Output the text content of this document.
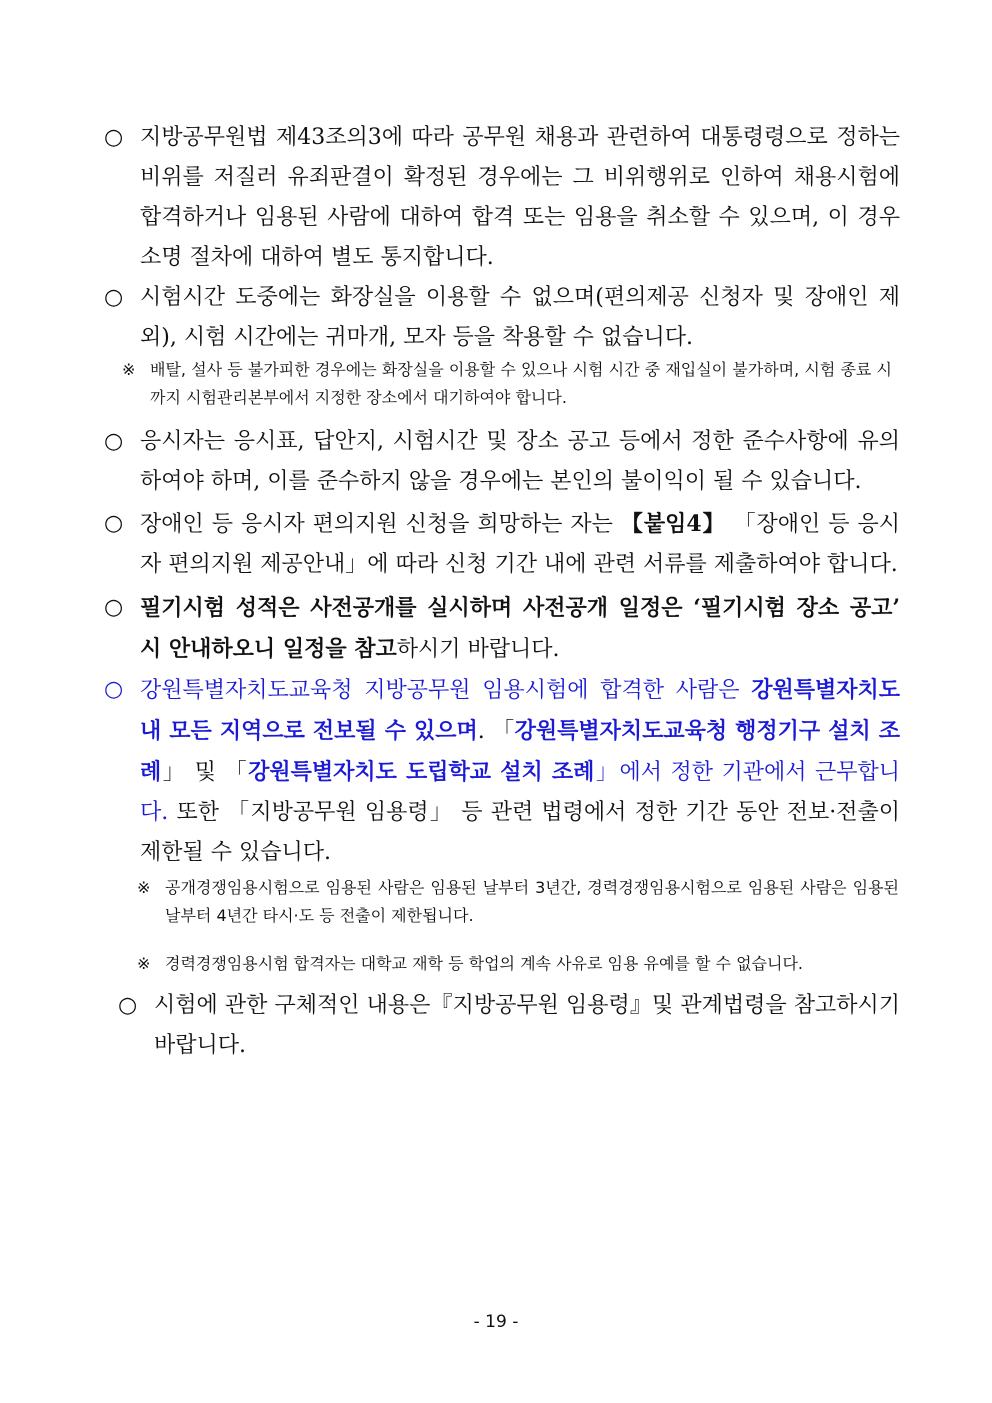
○ 지방공무원법 제43조의3에 따라 공무원 채용과 관련하여 대통령령으로 정하는 비위를 저질러 유죄판결이 확정된 경우에는 그 비위행위로 인하여 채용시험에 합격하거나 임용된 사람에 대하여 합격 또는 임용을 취소할 수 있으며, 이 경우 소명 절차에 대하여 별도 통지합니다.
○ 시험시간 도중에는 화장실을 이용할 수 없으며(편의제공 신청자 및 장애인 제외), 시험 시간에는 귀마개, 모자 등을 착용할 수 없습니다.
※ 배탈, 설사 등 불가피한 경우에는 화장실을 이용할 수 있으나 시험 시간 중 재입실이 불가하며, 시험 종료 시까지 시험관리본부에서 지정한 장소에서 대기하여야 합니다.
○ 응시자는 응시표, 답안지, 시험시간 및 장소 공고 등에서 정한 준수사항에 유의하여야 하며, 이를 준수하지 않을 경우에는 본인의 불이익이 될 수 있습니다.
○ 장애인 등 응시자 편의지원 신청을 희망하는 자는 【붙임4】 「장애인 등 응시자 편의지원 제공안내」에 따라 신청 기간 내에 관련 서류를 제출하여야 합니다.
○ 필기시험 성적은 사전공개를 실시하며 사전공개 일정은 ‘필기시험 장소 공고’ 시 안내하오니 일정을 참고하시기 바랍니다.
○ 강원특별자치도교육청 지방공무원 임용시험에 합격한 사람은 강원특별자치도 내 모든 지역으로 전보될 수 있으며. 「강원특별자치도교육청 행정기구 설치 조례」 및 「강원특별자치도 도립학교 설치 조례」에서 정한 기관에서 근무합니다. 또한 「지방공무원 임용령」 등 관련 법령에서 정한 기간 동안 전보·전출이 제한될 수 있습니다.
※ 공개경쟁임용시험으로 임용된 사람은 임용된 날부터 3년간, 경력경쟁임용시험으로 임용된 사람은 임용된 날부터 4년간 타시·도 등 전출이 제한됩니다.
※ 경력경쟁임용시험 합격자는 대학교 재학 등 학업의 계속 사유로 임용 유예를 할 수 없습니다.
○ 시험에 관한 구체적인 내용은『지방공무원 임용령』및 관계법령을 참고하시기 바랍니다.
- 19 -
